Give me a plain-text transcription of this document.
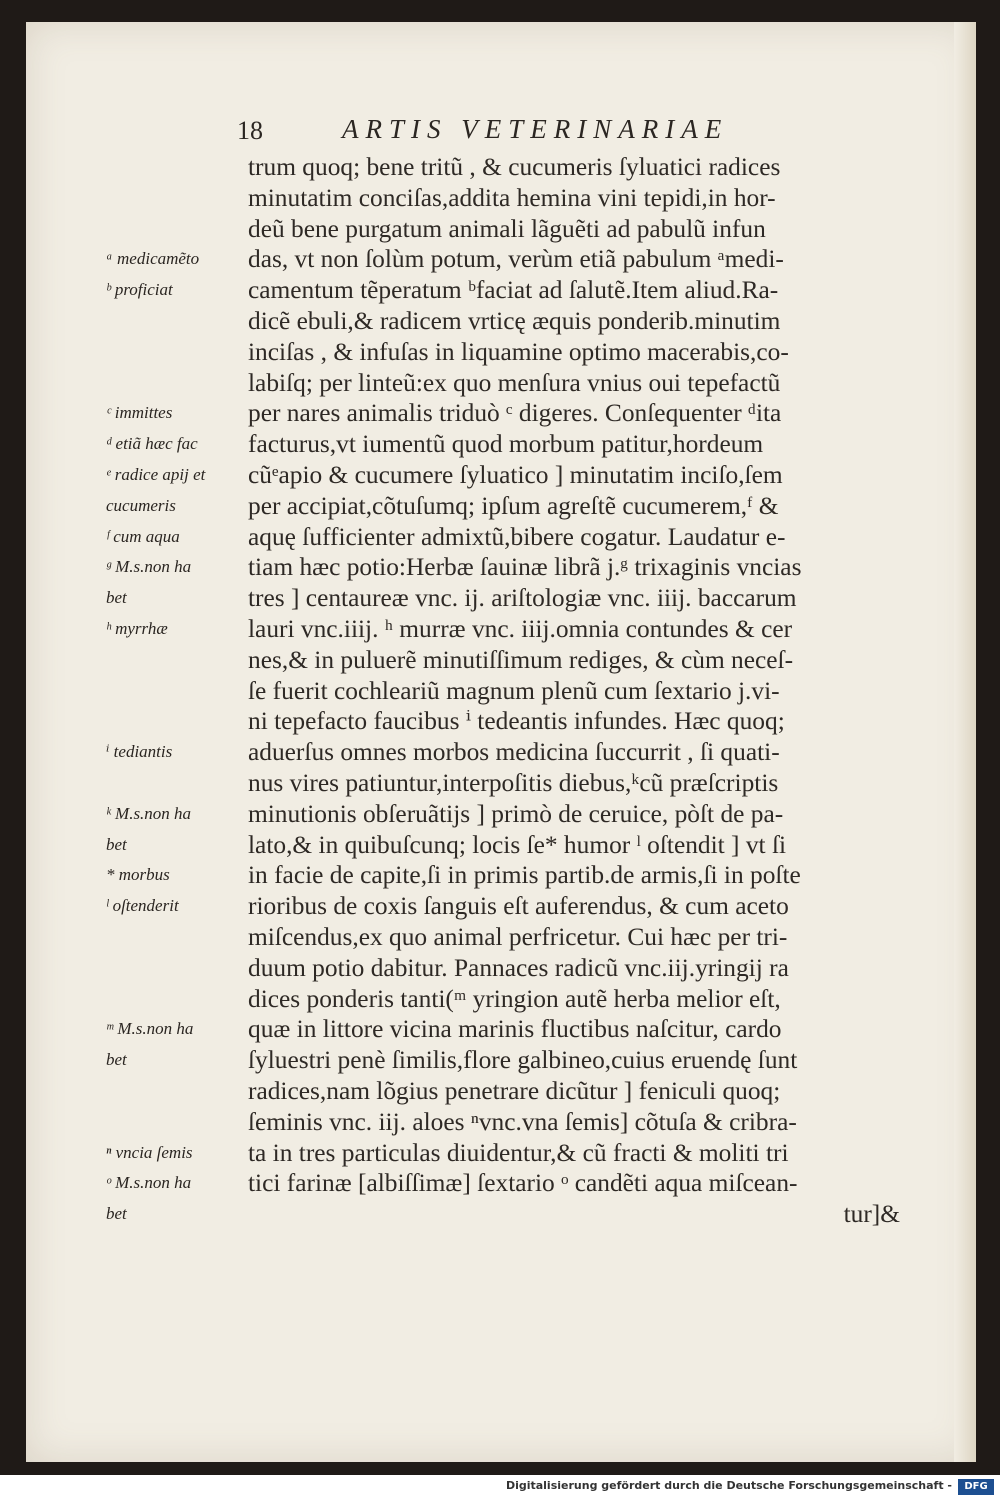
18	ARTIS VETERINARIAE
ᵃ medicamẽto
ᵇ proficiat
ᶜ immittes
ᵈ etiã hæc fac
ᵉ radice apij et
cucumeris
ᶠ cum aqua
ᵍ M.s.non ha
bet
ʰ myrrhæ
ⁱ tediantis
ᵏ M.s.non ha
bet
* morbus
ˡ oſtenderit
ᵐ M.s.non ha
bet
ⁿ vncia ſemis
ᵒ M.s.non ha
bet
trum quoq; bene tritũ , & cucumeris ſyluatici radices
minutatim conciſas,addita hemina vini tepidi,in hor-
deũ bene purgatum animali lãguẽti ad pabulũ infun
das, vt non ſolùm potum, verùm etiã pabulum ᵃmedi-
camentum tẽperatum ᵇfaciat ad ſalutẽ.Item aliud.Ra-
dicẽ ebuli,& radicem vrticę æquis ponderib.minutim
inciſas , & infuſas in liquamine optimo macerabis,co-
labiſq; per linteũ:ex quo menſura vnius oui tepefactũ
per nares animalis triduò ᶜ digeres. Conſequenter ᵈita
facturus,vt iumentũ quod morbum patitur,hordeum
cũᵉapio & cucumere ſyluatico ] minutatim inciſo,ſem
per accipiat,cõtuſumq; ipſum agreſtẽ cucumerem,ᶠ &
aquę ſufficienter admixtũ,bibere cogatur. Laudatur e-
tiam hæc potio:Herbæ ſauinæ librã j.ᵍ trixaginis vncias
tres ] centaureæ vnc. ij. ariſtologiæ vnc. iiij. baccarum
lauri vnc.iiij. ʰ murræ vnc. iiij.omnia contundes & cer
nes,& in puluerẽ minutiſſimum rediges, & cùm neceſ-
ſe fuerit cochleariũ magnum plenũ cum ſextario j.vi-
ni tepefacto faucibus ⁱ tedeantis infundes. Hæc quoq;
aduerſus omnes morbos medicina ſuccurrit , ſi quati-
nus vires patiuntur,interpoſitis diebus,ᵏcũ præſcriptis
minutionis obſeruãtijs ] primò de ceruice, pòſt de pa-
lato,& in quibuſcunq; locis ſe* humor ˡ oſtendit ] vt ſi
in facie de capite,ſi in primis partib.de armis,ſi in poſte
rioribus de coxis ſanguis eſt auferendus, & cum aceto
miſcendus,ex quo animal perfricetur. Cui hæc per tri-
duum potio dabitur. Pannaces radicũ vnc.iij.yringij ra
dices ponderis tanti(ᵐ yringion autẽ herba melior eſt,
quæ in littore vicina marinis fluctibus naſcitur, cardo
ſyluestri penè ſimilis,flore galbineo,cuius eruendę ſunt
radices,nam lõgius penetrare dicũtur ] feniculi quoq;
ſeminis vnc. iij. aloes ⁿvnc.vna ſemis] cõtuſa & cribra-
ta in tres particulas diuidentur,& cũ fracti & moliti tri
tici farinæ [albiſſimæ] ſextario ᵒ candẽti aqua miſcean-
tur]&
Digitalisierung gefördert durch die Deutsche Forschungsgemeinschaft -	DFG
